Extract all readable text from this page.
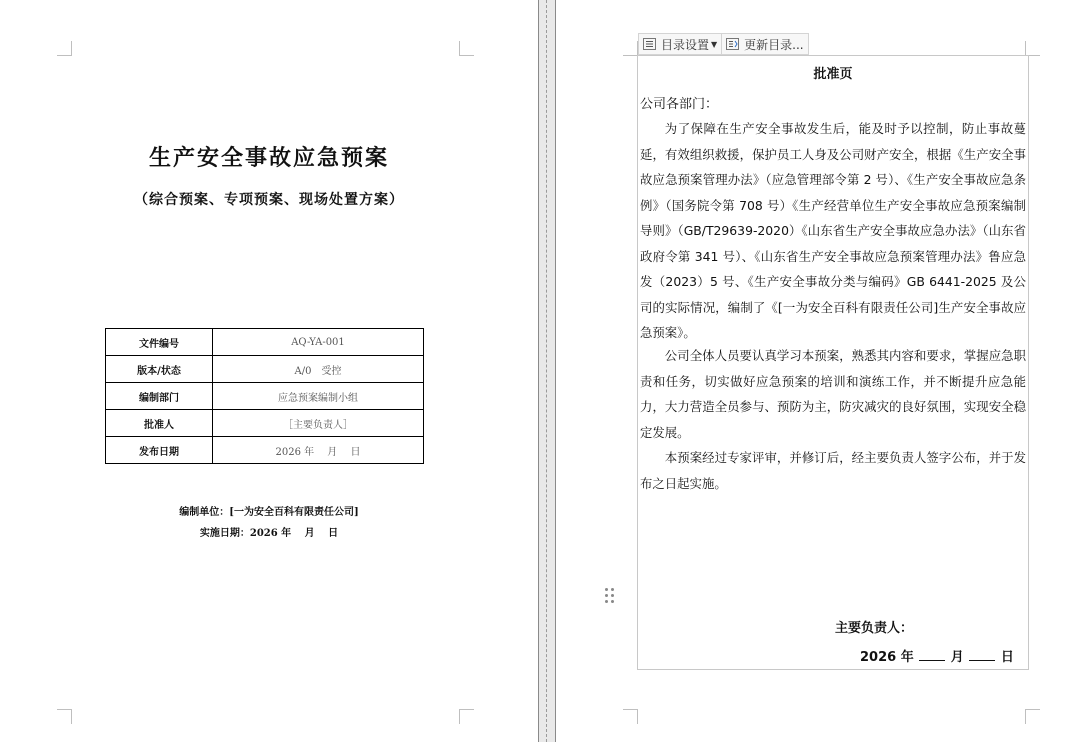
生产安全事故应急预案
（综合预案、专项预案、现场处置方案）
文件编号	AQ-YA-001
版本/状态	A/0　受控
编制部门	应急预案编制小组
批准人	［主要负责人］
发布日期	2026 年　 月　 日
编制单位：[一为安全百科有限责任公司]
实施日期：2026 年　 月　 日
目录设置 ▼ 更新目录...
批准页
公司各部门：

为了保障在生产安全事故发生后，能及时予以控制，防止事故蔓延，有效组织救援，保护员工人身及公司财产安全，根据《生产安全事故应急预案管理办法》（应急管理部令第 2 号）、《生产安全事故应急条例》（国务院令第 708 号）《生产经营单位生产安全事故应急预案编制导则》（GB/T29639-2020）《山东省生产安全事故应急办法》（山东省政府令第 341 号）、《山东省生产安全事故应急预案管理办法》鲁应急发（2023）5 号、《生产安全事故分类与编码》GB 6441-2025 及公司的实际情况，编制了《[一为安全百科有限责任公司]生产安全事故应急预案》。

公司全体人员要认真学习本预案，熟悉其内容和要求，掌握应急职责和任务，切实做好应急预案的培训和演练工作，并不断提升应急能力，大力营造全员参与、预防为主，防灾减灾的良好氛围，实现安全稳定发展。

本预案经过专家评审，并修订后，经主要负责人签字公布，并于发布之日起实施。

主要负责人：
2026 年	月	日
